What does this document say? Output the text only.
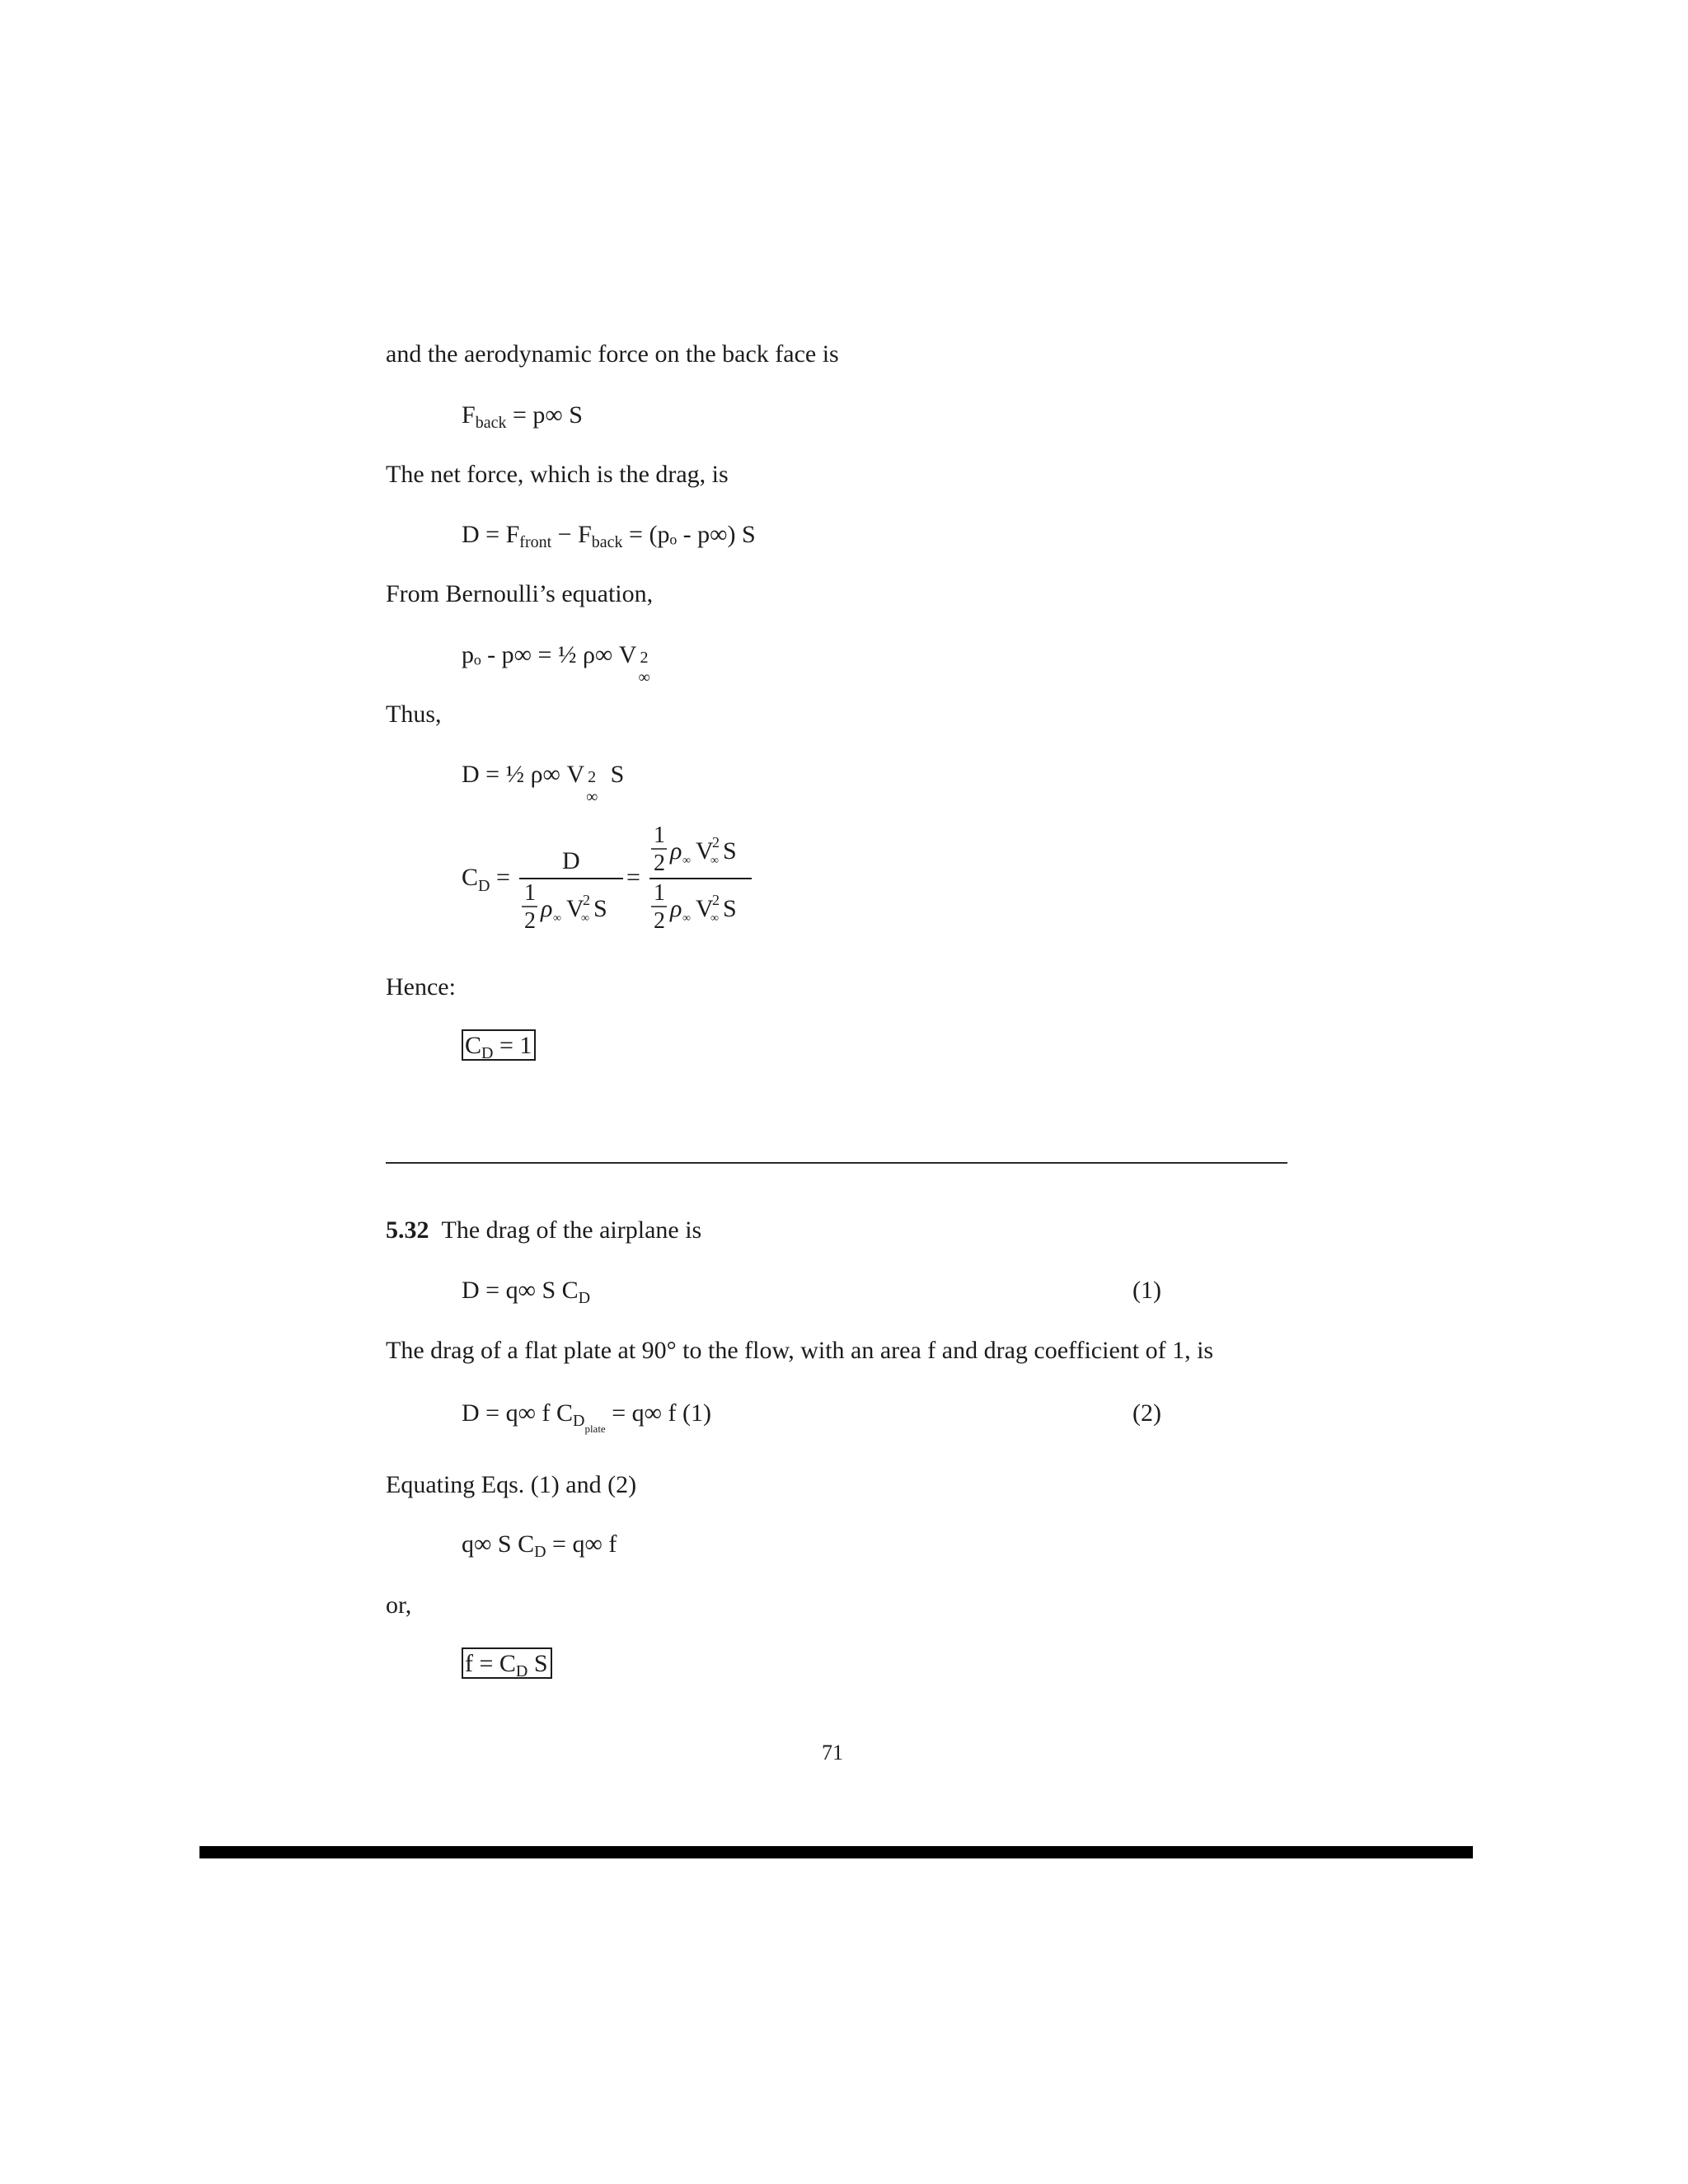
and the aerodynamic force on the back face is
$F_{back} = p\infty$ S
The net force, which is the drag, is
$D = F_{front} - F_{back} = (p_o - p\infty)$ S
From Bernoulli’s equation,
pₒ - p∞ = ½ ρ∞ V 2
∞
Thus,
D = ½ ρ∞ V 2
∞
S
C D =
D
1
2 ρ ∞ V
2
∞ S
=
1
2 ρ ∞ V
2
∞ S
1
2 ρ ∞ V
2
∞ S
Hence:
$C_D = 1$
5.32 The drag of the airplane is
D = q∞ S $C_D$	(1)
The drag of a flat plate at 90° to the flow, with an area f and drag coefficient of 1, is
D = q∞ f $C_{Dplate} = q\infty$ f (1)	(2)
Equating Eqs. (1) and (2)
q∞ S $C_D = q\infty$ f
or,
$f = C_D$ S
71
